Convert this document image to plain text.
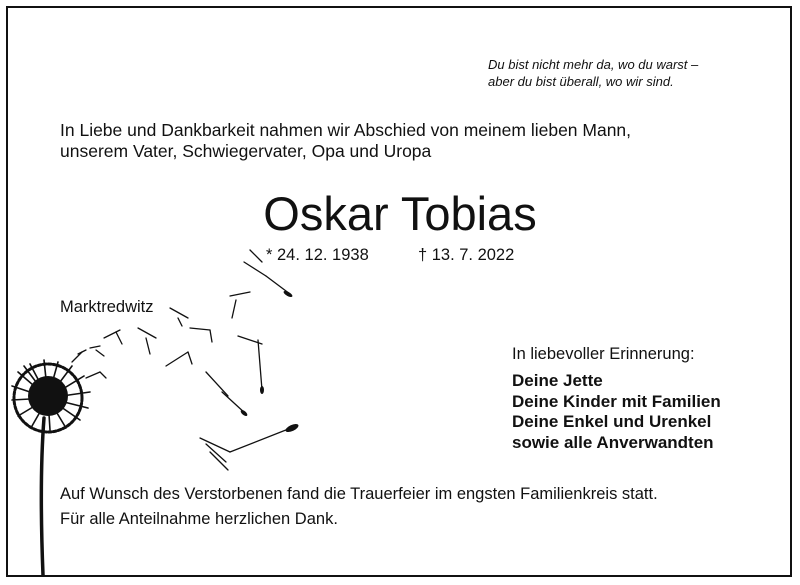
Du bist nicht mehr da, wo du warst –
aber du bist überall, wo wir sind.
In Liebe und Dankbarkeit nahmen wir Abschied von meinem lieben Mann,
unserem Vater, Schwiegervater, Opa und Uropa
Oskar Tobias
* 24. 12. 1938	† 13. 7. 2022
Marktredwitz
In liebevoller Erinnerung:
Deine Jette
Deine Kinder mit Familien
Deine Enkel und Urenkel
sowie alle Anverwandten
Auf Wunsch des Verstorbenen fand die Trauerfeier im engsten Familienkreis statt.
Für alle Anteilnahme herzlichen Dank.
